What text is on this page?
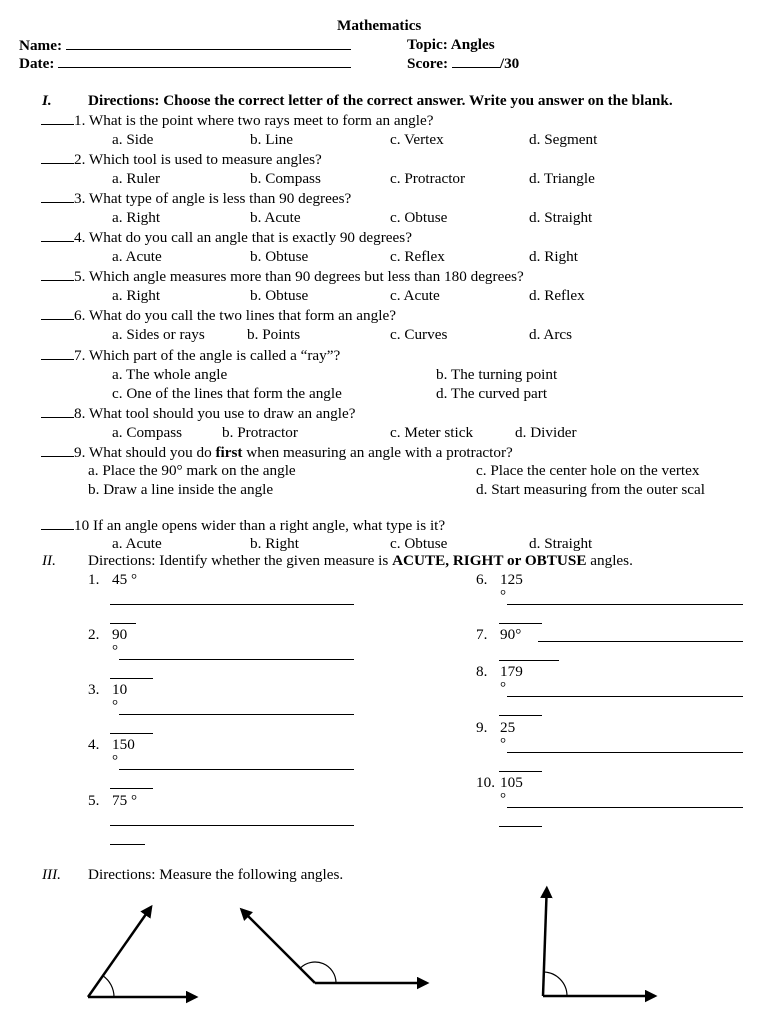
Mathematics
Name:
Date:
Topic: Angles
Score:	/30
I. Directions: Choose the correct letter of the correct answer. Write you answer on the blank.
1. What is the point where two rays meet to form an angle?
a. Side	b. Line	c. Vertex	d. Segment
2. Which tool is used to measure angles?
a. Ruler	b. Compass	c. Protractor	d. Triangle
3. What type of angle is less than 90 degrees?
a. Right	b. Acute	c. Obtuse	d. Straight
4. What do you call an angle that is exactly 90 degrees?
a. Acute	b. Obtuse	c. Reflex	d. Right
5. Which angle measures more than 90 degrees but less than 180 degrees?
a. Right	b. Obtuse	c. Acute	d. Reflex
6. What do you call the two lines that form an angle?
a. Sides or rays	b. Points	c. Curves	d. Arcs
7. Which part of the angle is called a “ray”?
a. The whole angle	b. The turning point
c. One of the lines that form the angle	d. The curved part
8. What tool should you use to draw an angle?
a. Compass	b. Protractor	c. Meter stick	d. Divider
9. What should you do first when measuring an angle with a protractor?
a. Place the 90° mark on the angle	c. Place the center hole on the vertex
b. Draw a line inside the angle	d. Start measuring from the outer scal
10 If an angle opens wider than a right angle, what type is it?
a. Acute	b. Right	c. Obtuse	d. Straight
II. Directions: Identify whether the given measure is ACUTE, RIGHT or OBTUSE angles.
1. 45 °
2. 90
°
3. 10
°
4. 150
°
5. 75 °
6. 125
°
7. 90°
8. 179
°
9. 25
°
10. 105
°
III. Directions: Measure the following angles.
